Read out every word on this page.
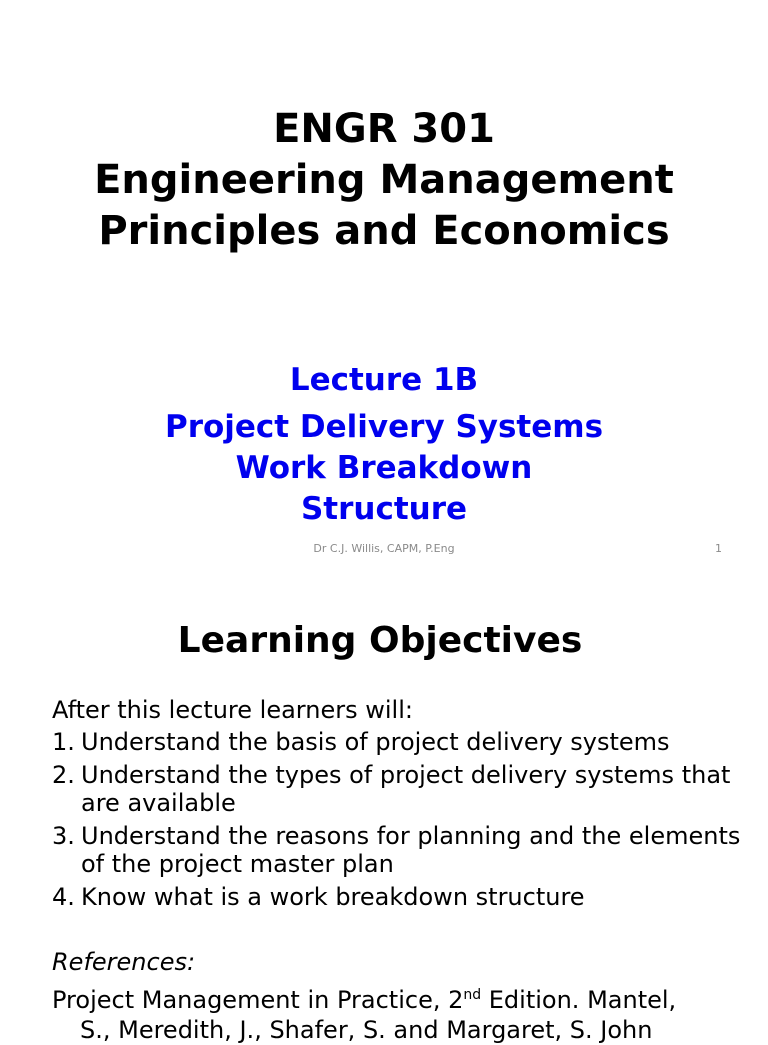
ENGR 301
Engineering Management
Principles and Economics
Lecture 1B
Project Delivery Systems
Work Breakdown
Structure
Dr C.J. Willis, CAPM, P.Eng	1
Learning Objectives
After this lecture learners will:
1. Understand the basis of project delivery systems
2. Understand the types of project delivery systems that are available
3. Understand the reasons for planning and the elements of the project master plan
4. Know what is a work breakdown structure
References:
Project Management in Practice, 2nd Edition. Mantel,
S., Meredith, J., Shafer, S. and Margaret, S. John
